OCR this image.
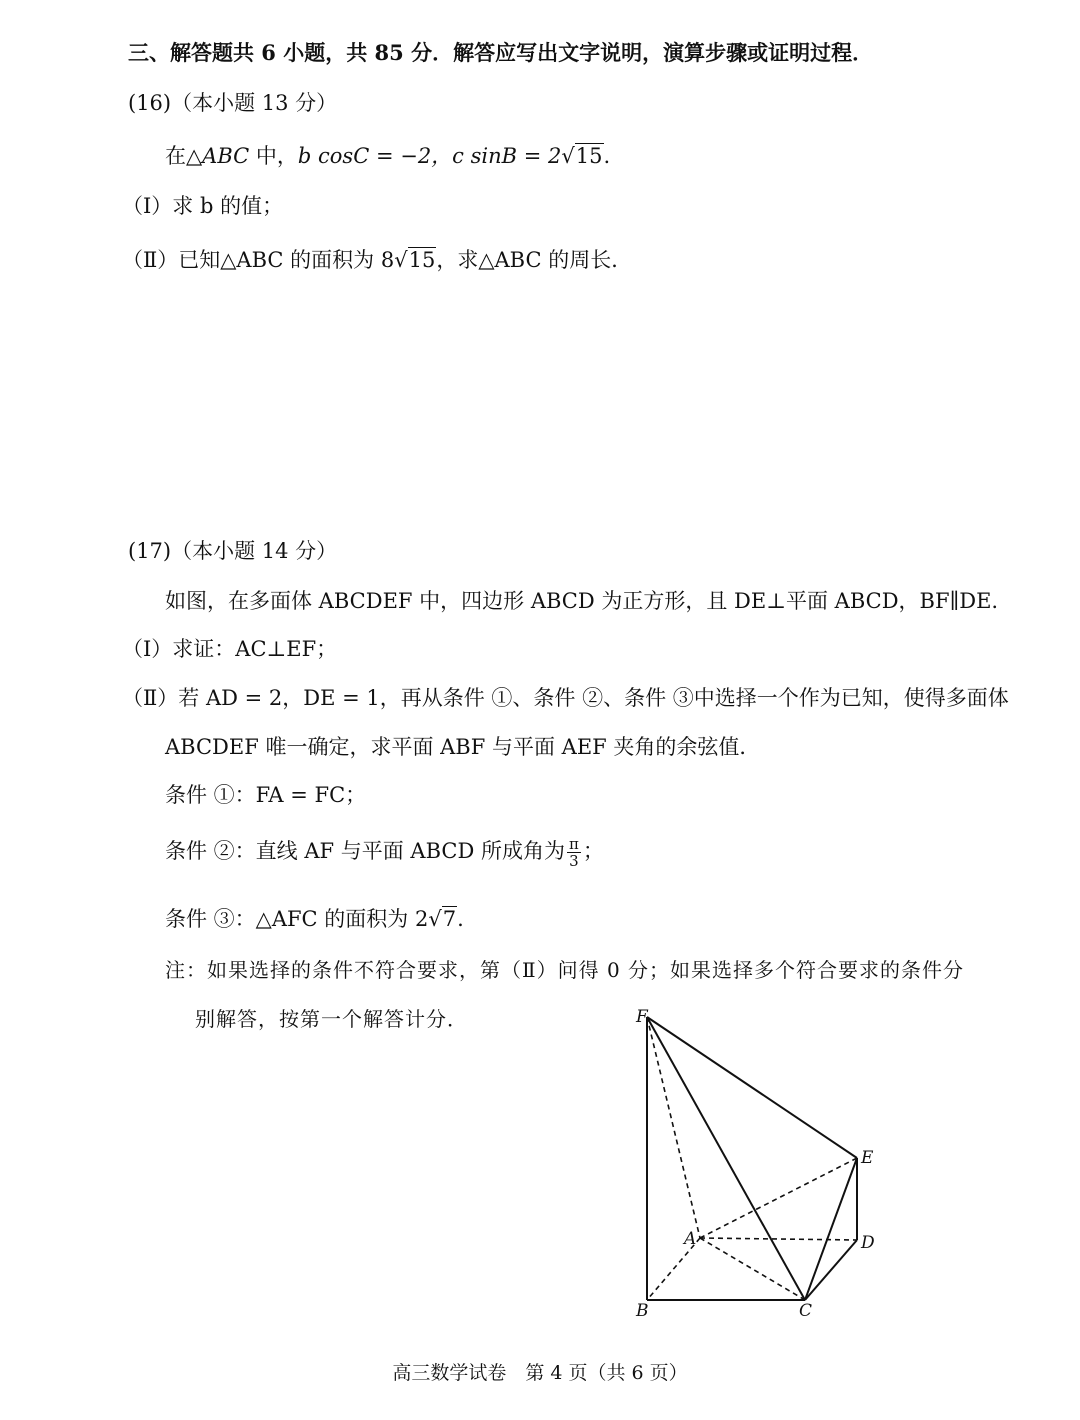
三、解答题共 6 小题，共 85 分．解答应写出文字说明，演算步骤或证明过程．
(16)（本小题 13 分）
在△ABC 中，b cosC = −2，c sinB = 2√15.
（Ⅰ）求 b 的值；
（Ⅱ）已知△ABC 的面积为 8√15，求△ABC 的周长．
(17)（本小题 14 分）
如图，在多面体 ABCDEF 中，四边形 ABCD 为正方形，且 DE⊥平面 ABCD，BF∥DE.
（Ⅰ）求证：AC⊥EF；
（Ⅱ）若 AD = 2，DE = 1，再从条件 ①、条件 ②、条件 ③中选择一个作为已知，使得多面体
ABCDEF 唯一确定，求平面 ABF 与平面 AEF 夹角的余弦值．
条件 ①：FA = FC；
条件 ②：直线 AF 与平面 ABCD 所成角为 $\frac{\pi}{3}$ ；
条件 ③：△AFC 的面积为 2√7.
注：如果选择的条件不符合要求，第（Ⅱ）问得 0 分；如果选择多个符合要求的条件分
别解答，按第一个解答计分．	F
E
A	D
B	C
高三数学试卷　第 4 页（共 6 页）
